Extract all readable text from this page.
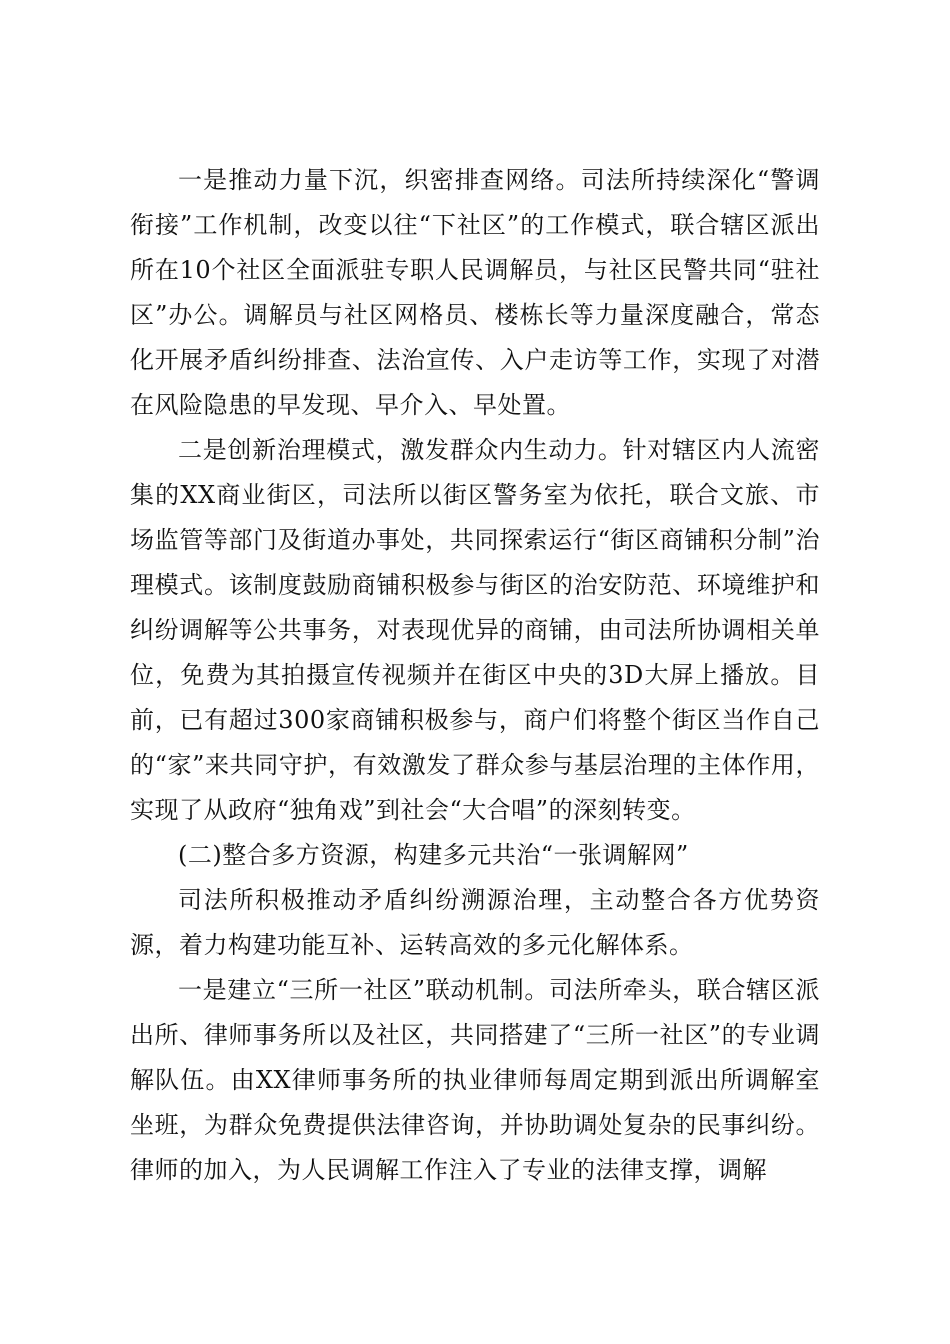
一是推动力量下沉，织密排查网络。司法所持续深化“警调衔接”工作机制，改变以往“下社区”的工作模式，联合辖区派出所在10个社区全面派驻专职人民调解员，与社区民警共同“驻社区”办公。调解员与社区网格员、楼栋长等力量深度融合，常态化开展矛盾纠纷排查、法治宣传、入户走访等工作，实现了对潜在风险隐患的早发现、早介入、早处置。

二是创新治理模式，激发群众内生动力。针对辖区内人流密集的XX商业街区，司法所以街区警务室为依托，联合文旅、市场监管等部门及街道办事处，共同探索运行“街区商铺积分制”治理模式。该制度鼓励商铺积极参与街区的治安防范、环境维护和纠纷调解等公共事务，对表现优异的商铺，由司法所协调相关单位，免费为其拍摄宣传视频并在街区中央的3D大屏上播放。目前，已有超过300家商铺积极参与，商户们将整个街区当作自己的“家”来共同守护，有效激发了群众参与基层治理的主体作用，实现了从政府“独角戏”到社会“大合唱”的深刻转变。

(二)整合多方资源，构建多元共治“一张调解网”

司法所积极推动矛盾纠纷溯源治理，主动整合各方优势资源，着力构建功能互补、运转高效的多元化解体系。

一是建立“三所一社区”联动机制。司法所牵头，联合辖区派出所、律师事务所以及社区，共同搭建了“三所一社区”的专业调解队伍。由XX律师事务所的执业律师每周定期到派出所调解室坐班，为群众免费提供法律咨询，并协助调处复杂的民事纠纷。律师的加入，为人民调解工作注入了专业的法律支撑，调解
